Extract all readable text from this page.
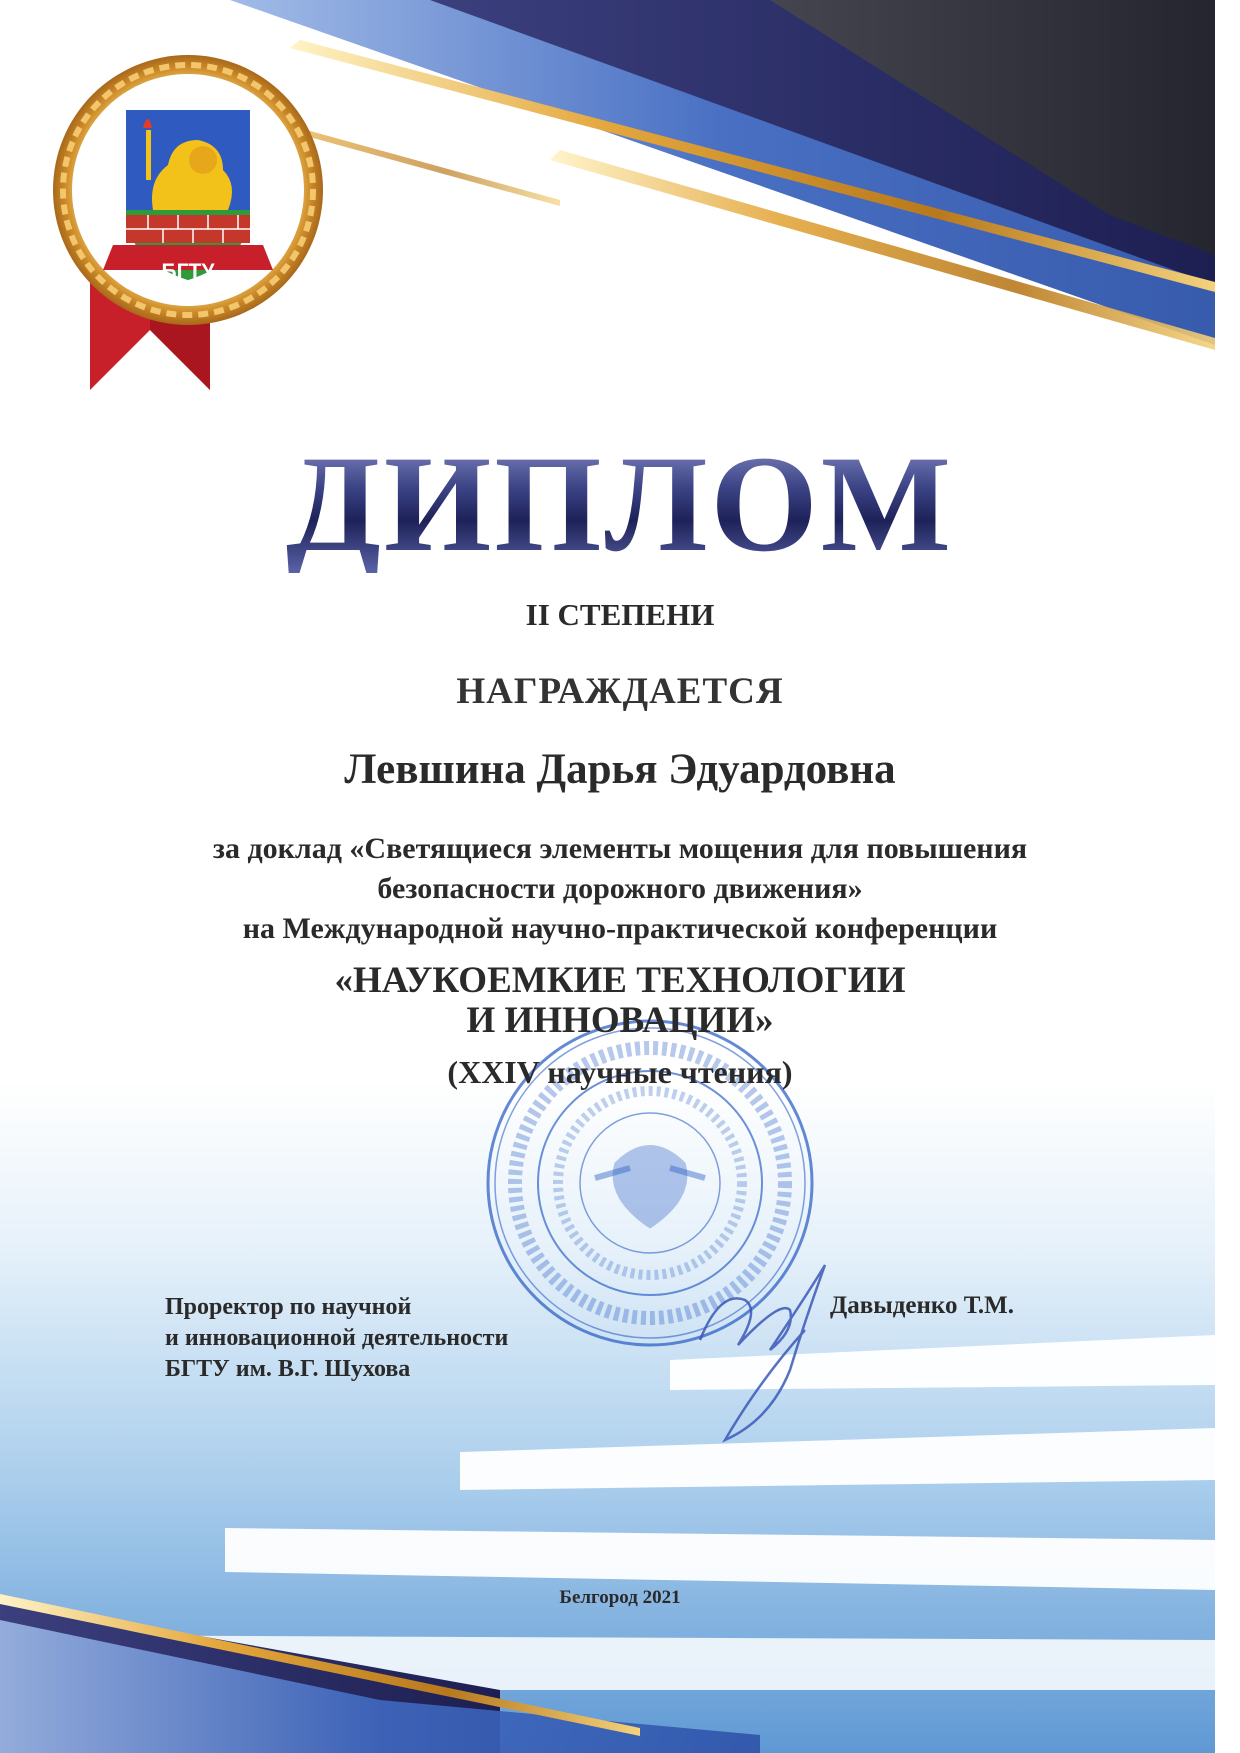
БГТУ
ДИПЛОМ
II СТЕПЕНИ
НАГРАЖДАЕТСЯ
Левшина Дарья Эдуардовна
за доклад «Светящиеся элементы мощения для повышения
безопасности дорожного движения»
на Международной научно-практической конференции
«НАУКОЕМКИЕ ТЕХНОЛОГИИ
И ИННОВАЦИИ»
(XXIV научные чтения)
Проректор по научной
и инновационной деятельности
БГТУ им. В.Г. Шухова
Давыденко Т.М.
Белгород 2021
